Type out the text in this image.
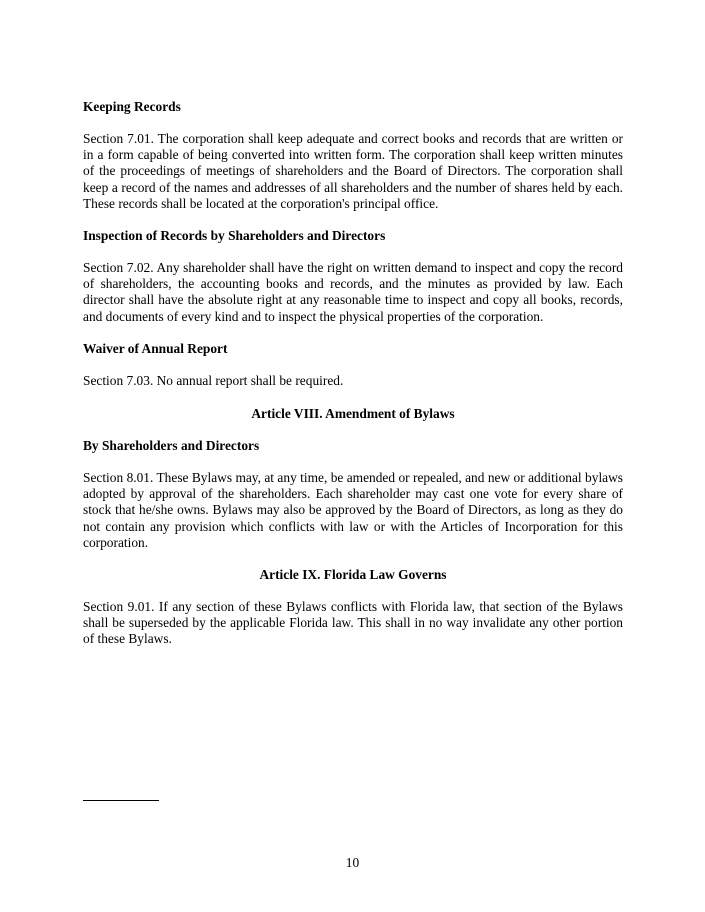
Keeping Records

Section 7.01. The corporation shall keep adequate and correct books and records that are written or in a form capable of being converted into written form. The corporation shall keep written minutes of the proceedings of meetings of shareholders and the Board of Directors. The corporation shall keep a record of the names and addresses of all shareholders and the number of shares held by each. These records shall be located at the corporation's principal office.

Inspection of Records by Shareholders and Directors

Section 7.02. Any shareholder shall have the right on written demand to inspect and copy the record of shareholders, the accounting books and records, and the minutes as provided by law. Each director shall have the absolute right at any reasonable time to inspect and copy all books, records, and documents of every kind and to inspect the physical properties of the corporation.

Waiver of Annual Report

Section 7.03. No annual report shall be required.

Article VIII. Amendment of Bylaws

By Shareholders and Directors

Section 8.01. These Bylaws may, at any time, be amended or repealed, and new or additional bylaws adopted by approval of the shareholders. Each shareholder may cast one vote for every share of stock that he/she owns. Bylaws may also be approved by the Board of Directors, as long as they do not contain any provision which conflicts with law or with the Articles of Incorporation for this corporation.

Article IX. Florida Law Governs

Section 9.01. If any section of these Bylaws conflicts with Florida law, that section of the Bylaws shall be superseded by the applicable Florida law. This shall in no way invalidate any other portion of these Bylaws.

10
